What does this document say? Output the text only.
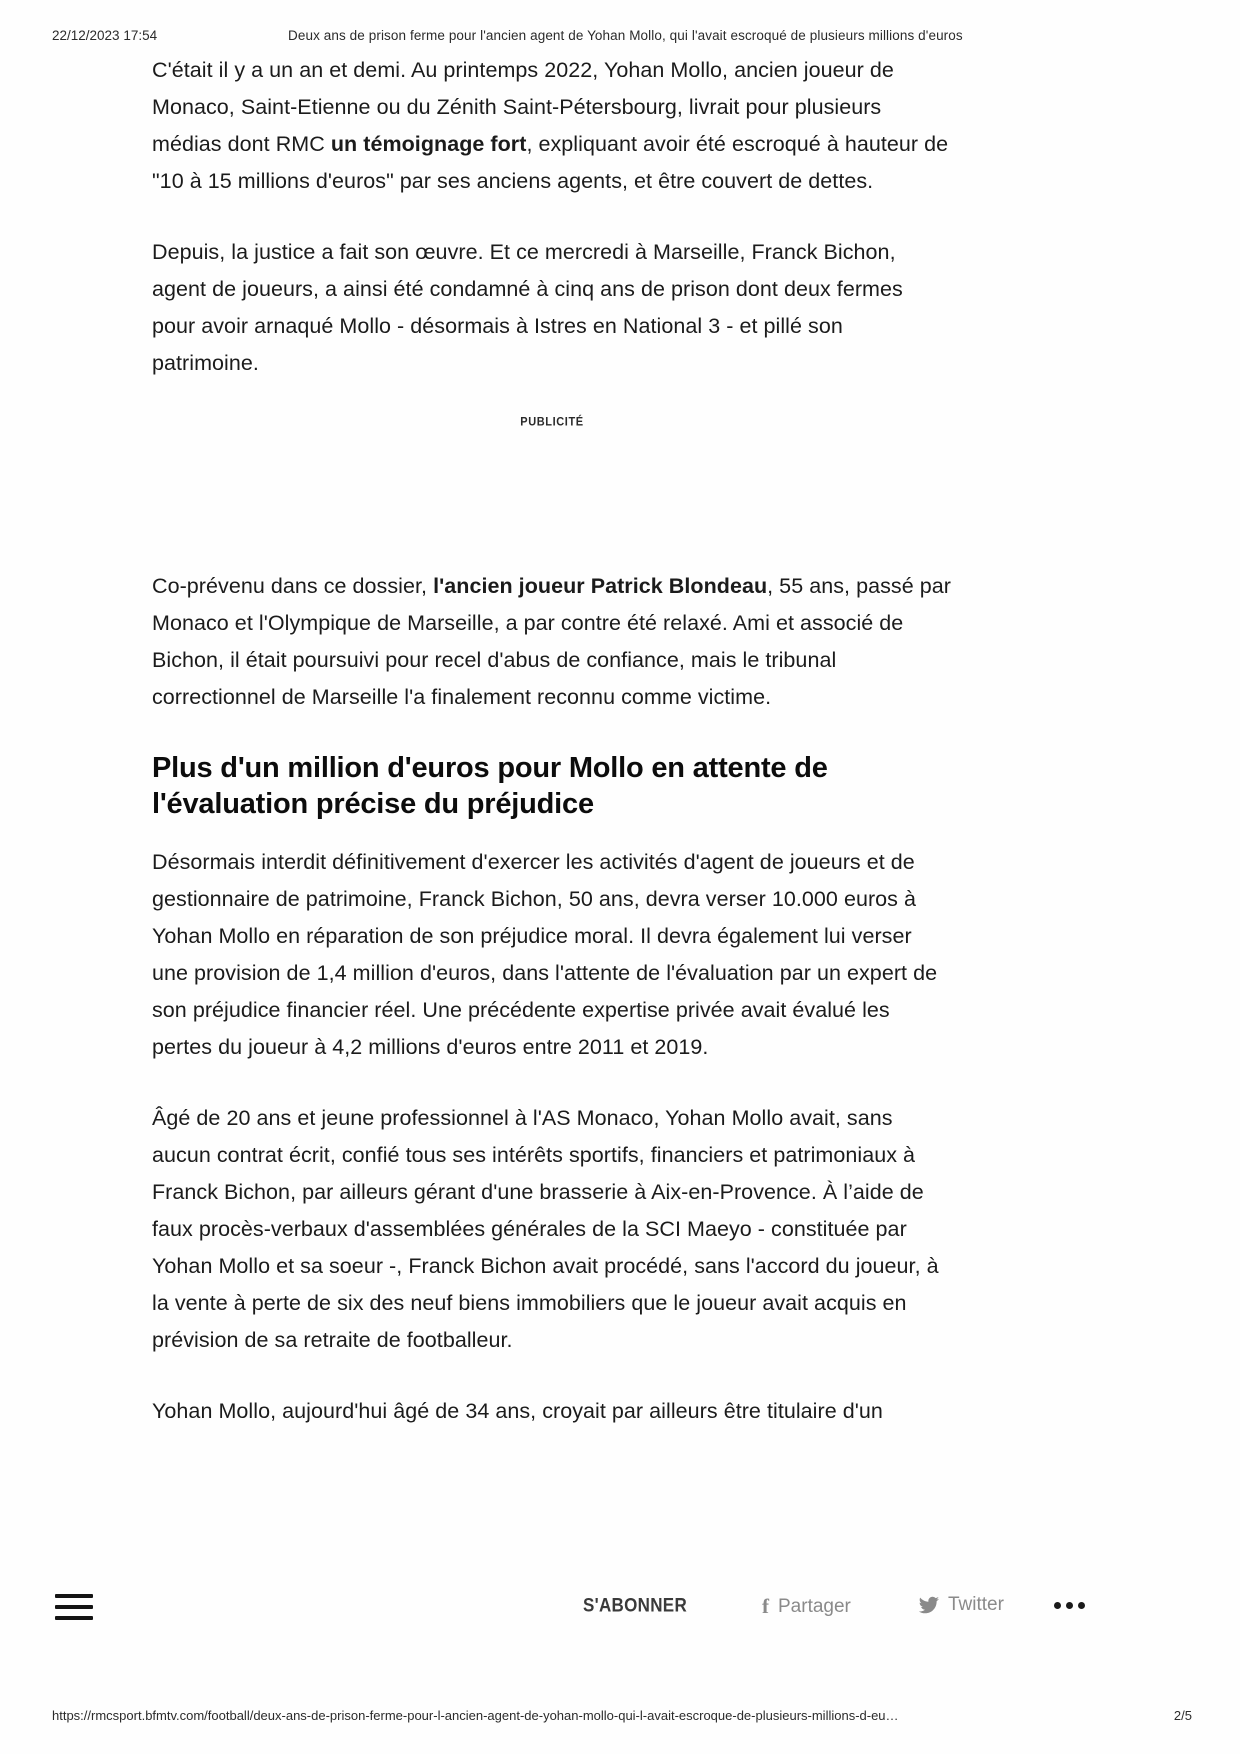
22/12/2023 17:54	Deux ans de prison ferme pour l'ancien agent de Yohan Mollo, qui l'avait escroqué de plusieurs millions d'euros

C'était il y a un an et demi. Au printemps 2022, Yohan Mollo, ancien joueur de Monaco, Saint-Etienne ou du Zénith Saint-Pétersbourg, livrait pour plusieurs médias dont RMC un témoignage fort, expliquant avoir été escroqué à hauteur de "10 à 15 millions d'euros" par ses anciens agents, et être couvert de dettes.

Depuis, la justice a fait son œuvre. Et ce mercredi à Marseille, Franck Bichon, agent de joueurs, a ainsi été condamné à cinq ans de prison dont deux fermes pour avoir arnaqué Mollo - désormais à Istres en National 3 - et pillé son patrimoine.

PUBLICITÉ

Co-prévenu dans ce dossier, l'ancien joueur Patrick Blondeau, 55 ans, passé par Monaco et l'Olympique de Marseille, a par contre été relaxé. Ami et associé de Bichon, il était poursuivi pour recel d'abus de confiance, mais le tribunal correctionnel de Marseille l'a finalement reconnu comme victime.

Plus d'un million d'euros pour Mollo en attente de l'évaluation précise du préjudice

Désormais interdit définitivement d'exercer les activités d'agent de joueurs et de gestionnaire de patrimoine, Franck Bichon, 50 ans, devra verser 10.000 euros à Yohan Mollo en réparation de son préjudice moral. Il devra également lui verser une provision de 1,4 million d'euros, dans l'attente de l'évaluation par un expert de son préjudice financier réel. Une précédente expertise privée avait évalué les pertes du joueur à 4,2 millions d'euros entre 2011 et 2019.

Âgé de 20 ans et jeune professionnel à l'AS Monaco, Yohan Mollo avait, sans aucun contrat écrit, confié tous ses intérêts sportifs, financiers et patrimoniaux à Franck Bichon, par ailleurs gérant d'une brasserie à Aix-en-Provence. À l’aide de faux procès-verbaux d'assemblées générales de la SCI Maeyo - constituée par Yohan Mollo et sa soeur -, Franck Bichon avait procédé, sans l'accord du joueur, à la vente à perte de six des neuf biens immobiliers que le joueur avait acquis en prévision de sa retraite de footballeur.

Yohan Mollo, aujourd'hui âgé de 34 ans, croyait par ailleurs être titulaire d'un

S'ABONNER	f Partager	Twitter
https://rmcsport.bfmtv.com/football/deux-ans-de-prison-ferme-pour-l-ancien-agent-de-yohan-mollo-qui-l-avait-escroque-de-plusieurs-millions-d-eu…	2/5
